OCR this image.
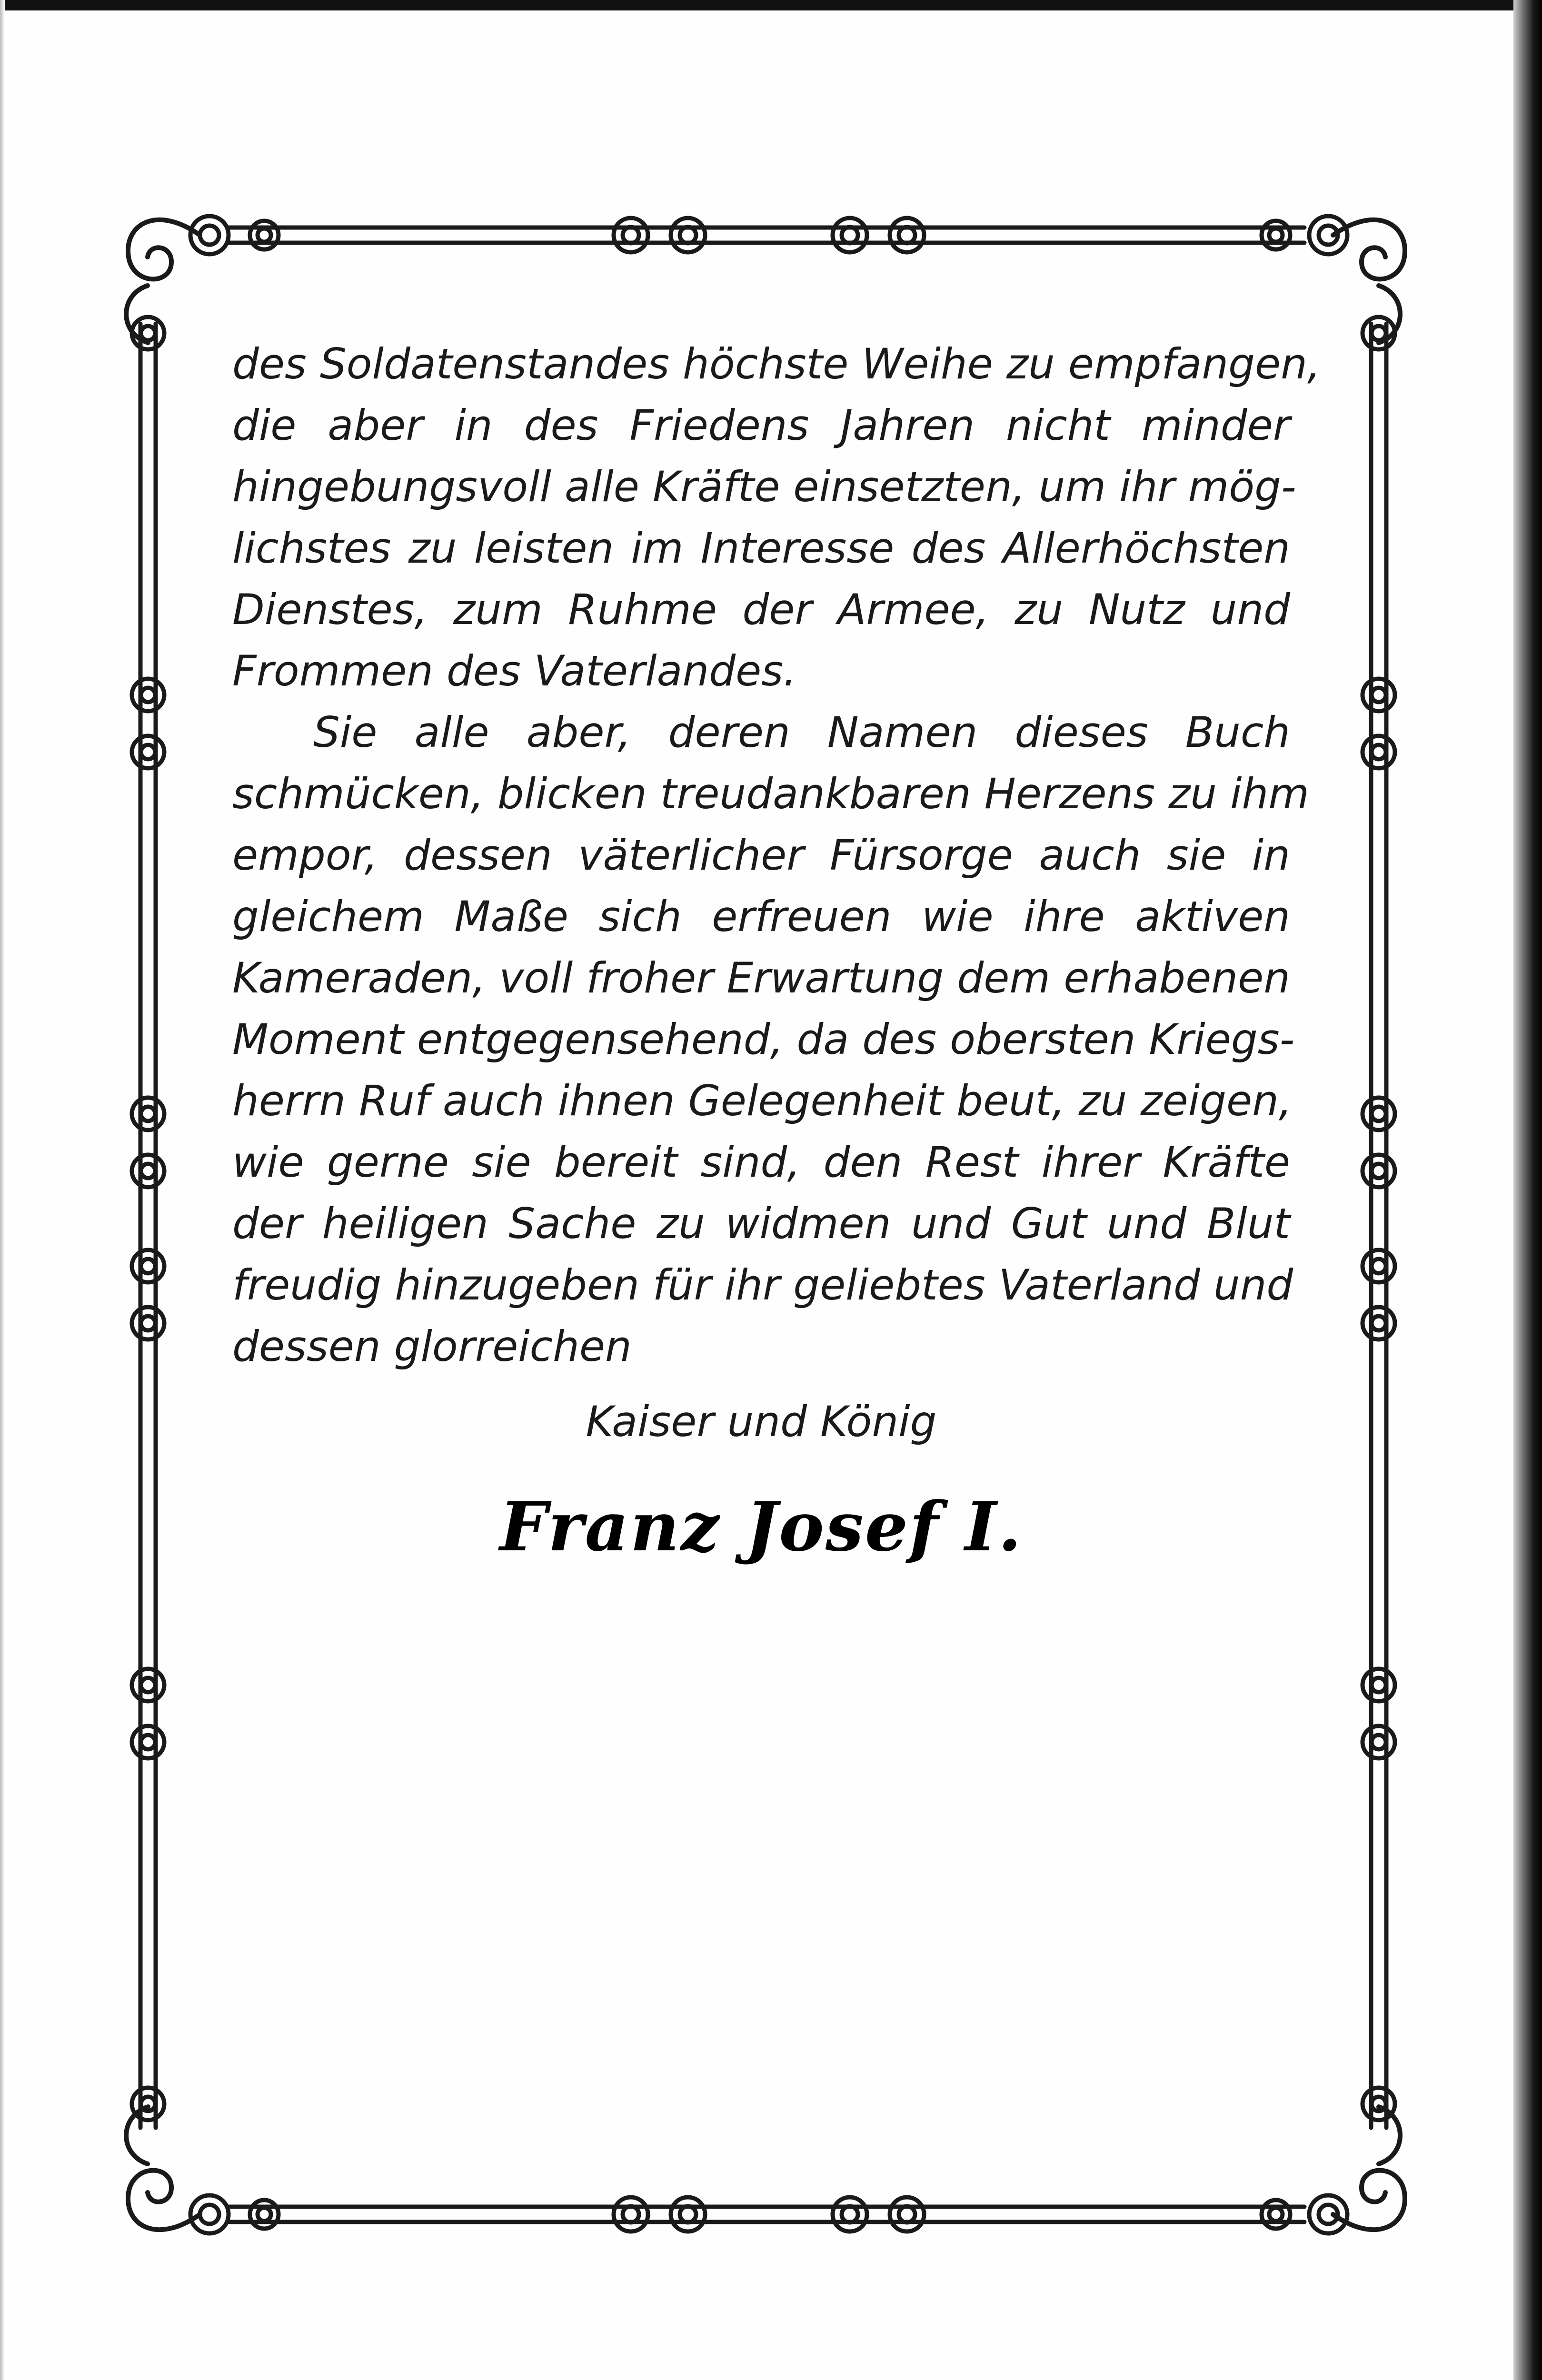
des Soldatenstandes höchste Weihe zu empfangen,
die aber in des Friedens Jahren nicht minder
hingebungsvoll alle Kräfte einsetzten, um ihr mög-
lichstes zu leisten im Interesse des Allerhöchsten
Dienstes, zum Ruhme der Armee, zu Nutz und
Frommen des Vaterlandes.
Sie alle aber, deren Namen dieses Buch
schmücken, blicken treudankbaren Herzens zu ihm
empor, dessen väterlicher Fürsorge auch sie in
gleichem Maße sich erfreuen wie ihre aktiven
Kameraden, voll froher Erwartung dem erhabenen
Moment entgegensehend, da des obersten Kriegs-
herrn Ruf auch ihnen Gelegenheit beut, zu zeigen,
wie gerne sie bereit sind, den Rest ihrer Kräfte
der heiligen Sache zu widmen und Gut und Blut
freudig hinzugeben für ihr geliebtes Vaterland und
dessen glorreichen
Kaiser und König
Franz Josef I.
